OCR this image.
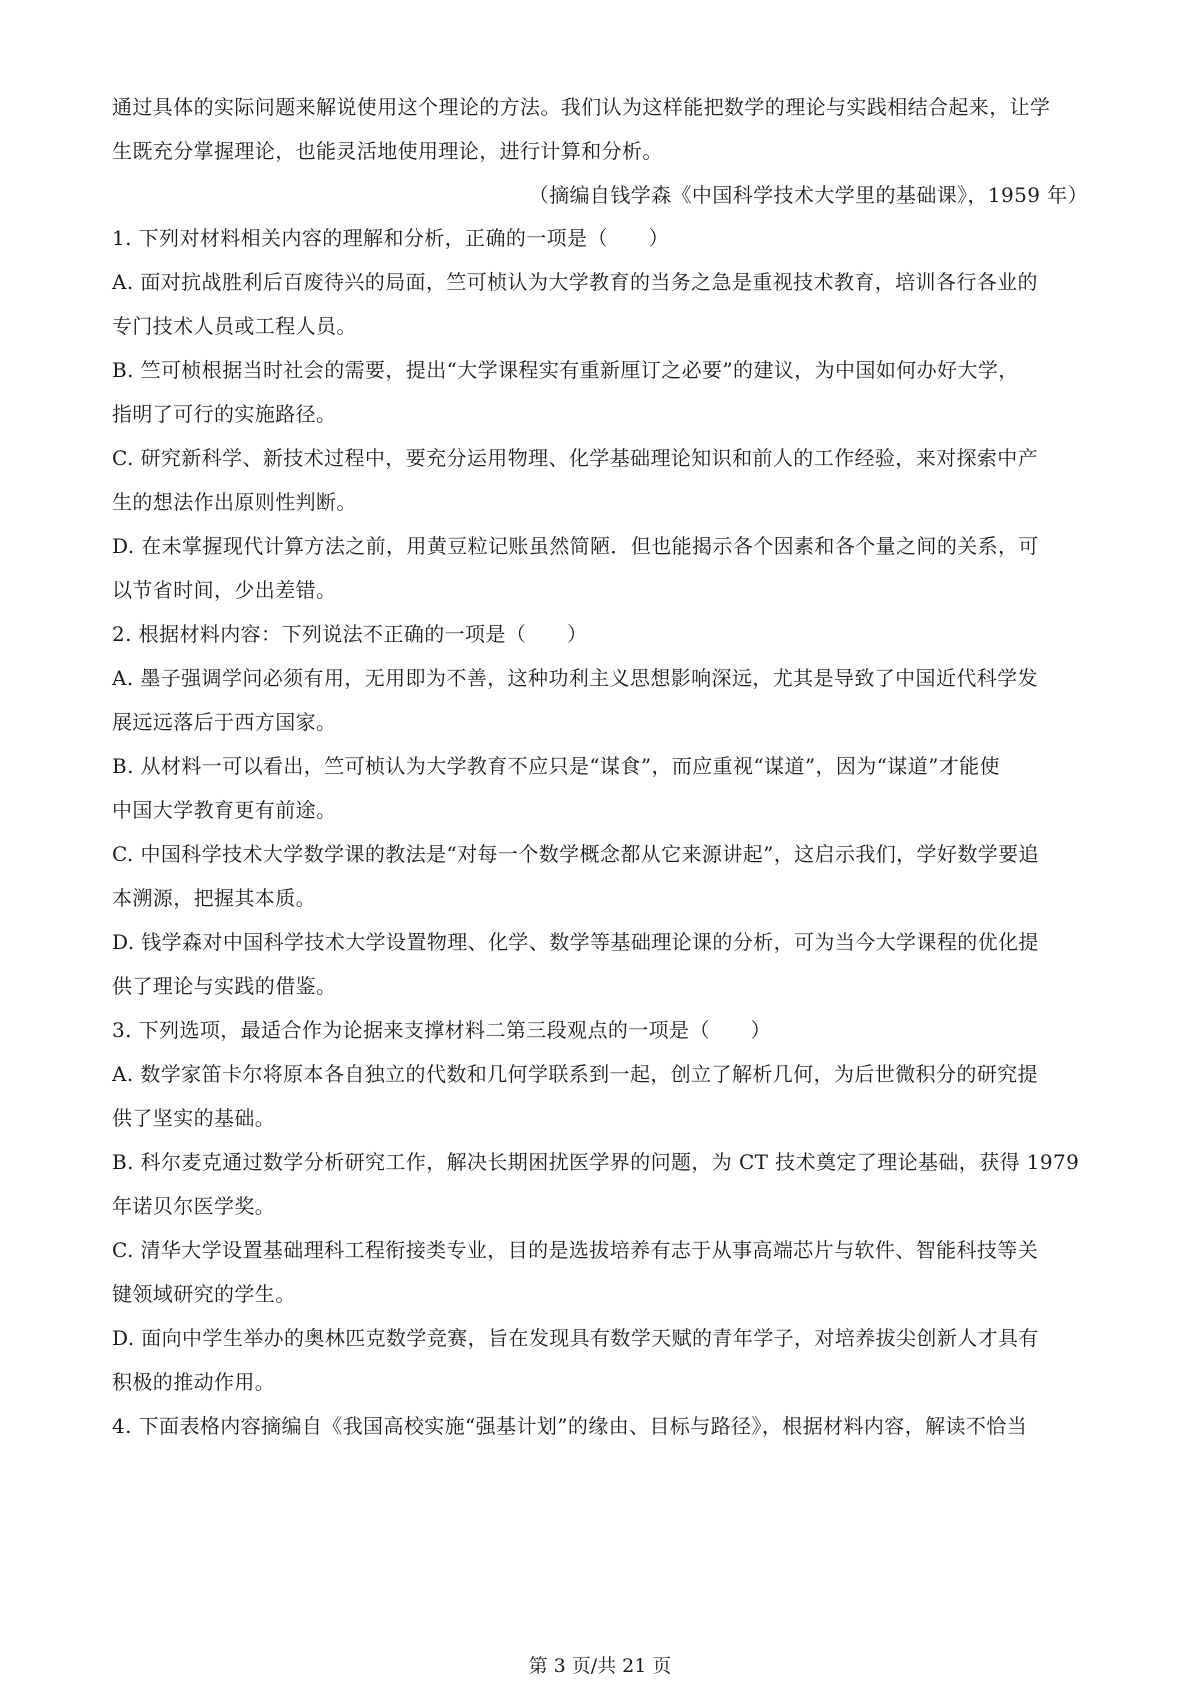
通过具体的实际问题来解说使用这个理论的方法。我们认为这样能把数学的理论与实践相结合起来，让学
生既充分掌握理论，也能灵活地使用理论，进行计算和分析。
（摘编自钱学森《中国科学技术大学里的基础课》，1959 年）
1. 下列对材料相关内容的理解和分析，正确的一项是（　　）
A. 面对抗战胜利后百废待兴的局面，竺可桢认为大学教育的当务之急是重视技术教育，培训各行各业的
专门技术人员或工程人员。
B. 竺可桢根据当时社会的需要，提出“大学课程实有重新厘订之必要”的建议，为中国如何办好大学，
指明了可行的实施路径。
C. 研究新科学、新技术过程中，要充分运用物理、化学基础理论知识和前人的工作经验，来对探索中产
生的想法作出原则性判断。
D. 在未掌握现代计算方法之前，用黄豆粒记账虽然简陋．但也能揭示各个因素和各个量之间的关系，可
以节省时间，少出差错。
2. 根据材料内容：下列说法不正确的一项是（　　）
A. 墨子强调学问必须有用，无用即为不善，这种功利主义思想影响深远，尤其是导致了中国近代科学发
展远远落后于西方国家。
B. 从材料一可以看出，竺可桢认为大学教育不应只是“谋食”，而应重视“谋道”，因为“谋道”才能使
中国大学教育更有前途。
C. 中国科学技术大学数学课的教法是“对每一个数学概念都从它来源讲起”，这启示我们，学好数学要追
本溯源，把握其本质。
D. 钱学森对中国科学技术大学设置物理、化学、数学等基础理论课的分析，可为当今大学课程的优化提
供了理论与实践的借鉴。
3. 下列选项，最适合作为论据来支撑材料二第三段观点的一项是（　　）
A. 数学家笛卡尔将原本各自独立的代数和几何学联系到一起，创立了解析几何，为后世微积分的研究提
供了坚实的基础。
B. 科尔麦克通过数学分析研究工作，解决长期困扰医学界的问题，为 CT 技术奠定了理论基础，获得 1979
年诺贝尔医学奖。
C. 清华大学设置基础理科工程衔接类专业，目的是选拔培养有志于从事高端芯片与软件、智能科技等关
键领域研究的学生。
D. 面向中学生举办的奥林匹克数学竞赛，旨在发现具有数学天赋的青年学子，对培养拔尖创新人才具有
积极的推动作用。
4. 下面表格内容摘编自《我国高校实施“强基计划”的缘由、目标与路径》，根据材料内容，解读不恰当
第 3 页/共 21 页
